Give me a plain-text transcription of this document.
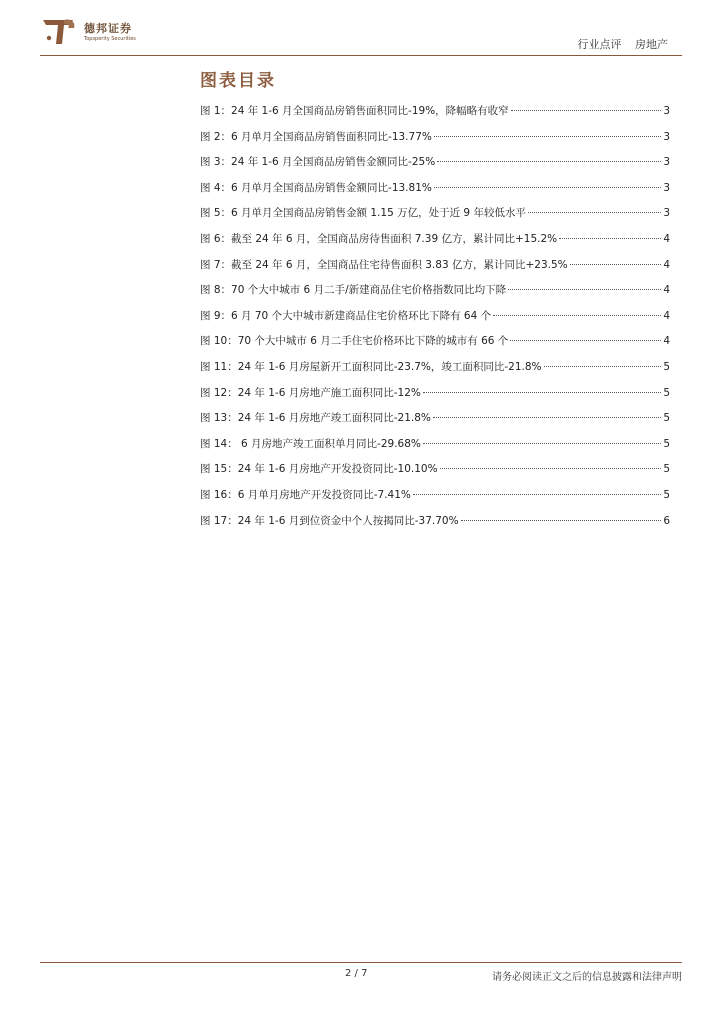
德邦证券
Topsperity Securities	行业点评 房地产
图表目录
图 1：24 年 1-6 月全国商品房销售面积同比-19%，降幅略有收窄	3
图 2：6 月单月全国商品房销售面积同比-13.77%	3
图 3：24 年 1-6 月全国商品房销售金额同比-25%	3
图 4：6 月单月全国商品房销售金额同比-13.81%	3
图 5：6 月单月全国商品房销售金额 1.15 万亿，处于近 9 年较低水平	3
图 6：截至 24 年 6 月，全国商品房待售面积 7.39 亿方，累计同比+15.2%	4
图 7：截至 24 年 6 月，全国商品住宅待售面积 3.83 亿方，累计同比+23.5%	4
图 8：70 个大中城市 6 月二手/新建商品住宅价格指数同比均下降	4
图 9：6 月 70 个大中城市新建商品住宅价格环比下降有 64 个	4
图 10：70 个大中城市 6 月二手住宅价格环比下降的城市有 66 个	4
图 11：24 年 1-6 月房屋新开工面积同比-23.7%，竣工面积同比-21.8%	5
图 12：24 年 1-6 月房地产施工面积同比-12%	5
图 13：24 年 1-6 月房地产竣工面积同比-21.8%	5
图 14： 6 月房地产竣工面积单月同比-29.68%	5
图 15：24 年 1-6 月房地产开发投资同比-10.10%	5
图 16：6 月单月房地产开发投资同比-7.41%	5
图 17：24 年 1-6 月到位资金中个人按揭同比-37.70%	6
2 / 7	请务必阅读正文之后的信息披露和法律声明
